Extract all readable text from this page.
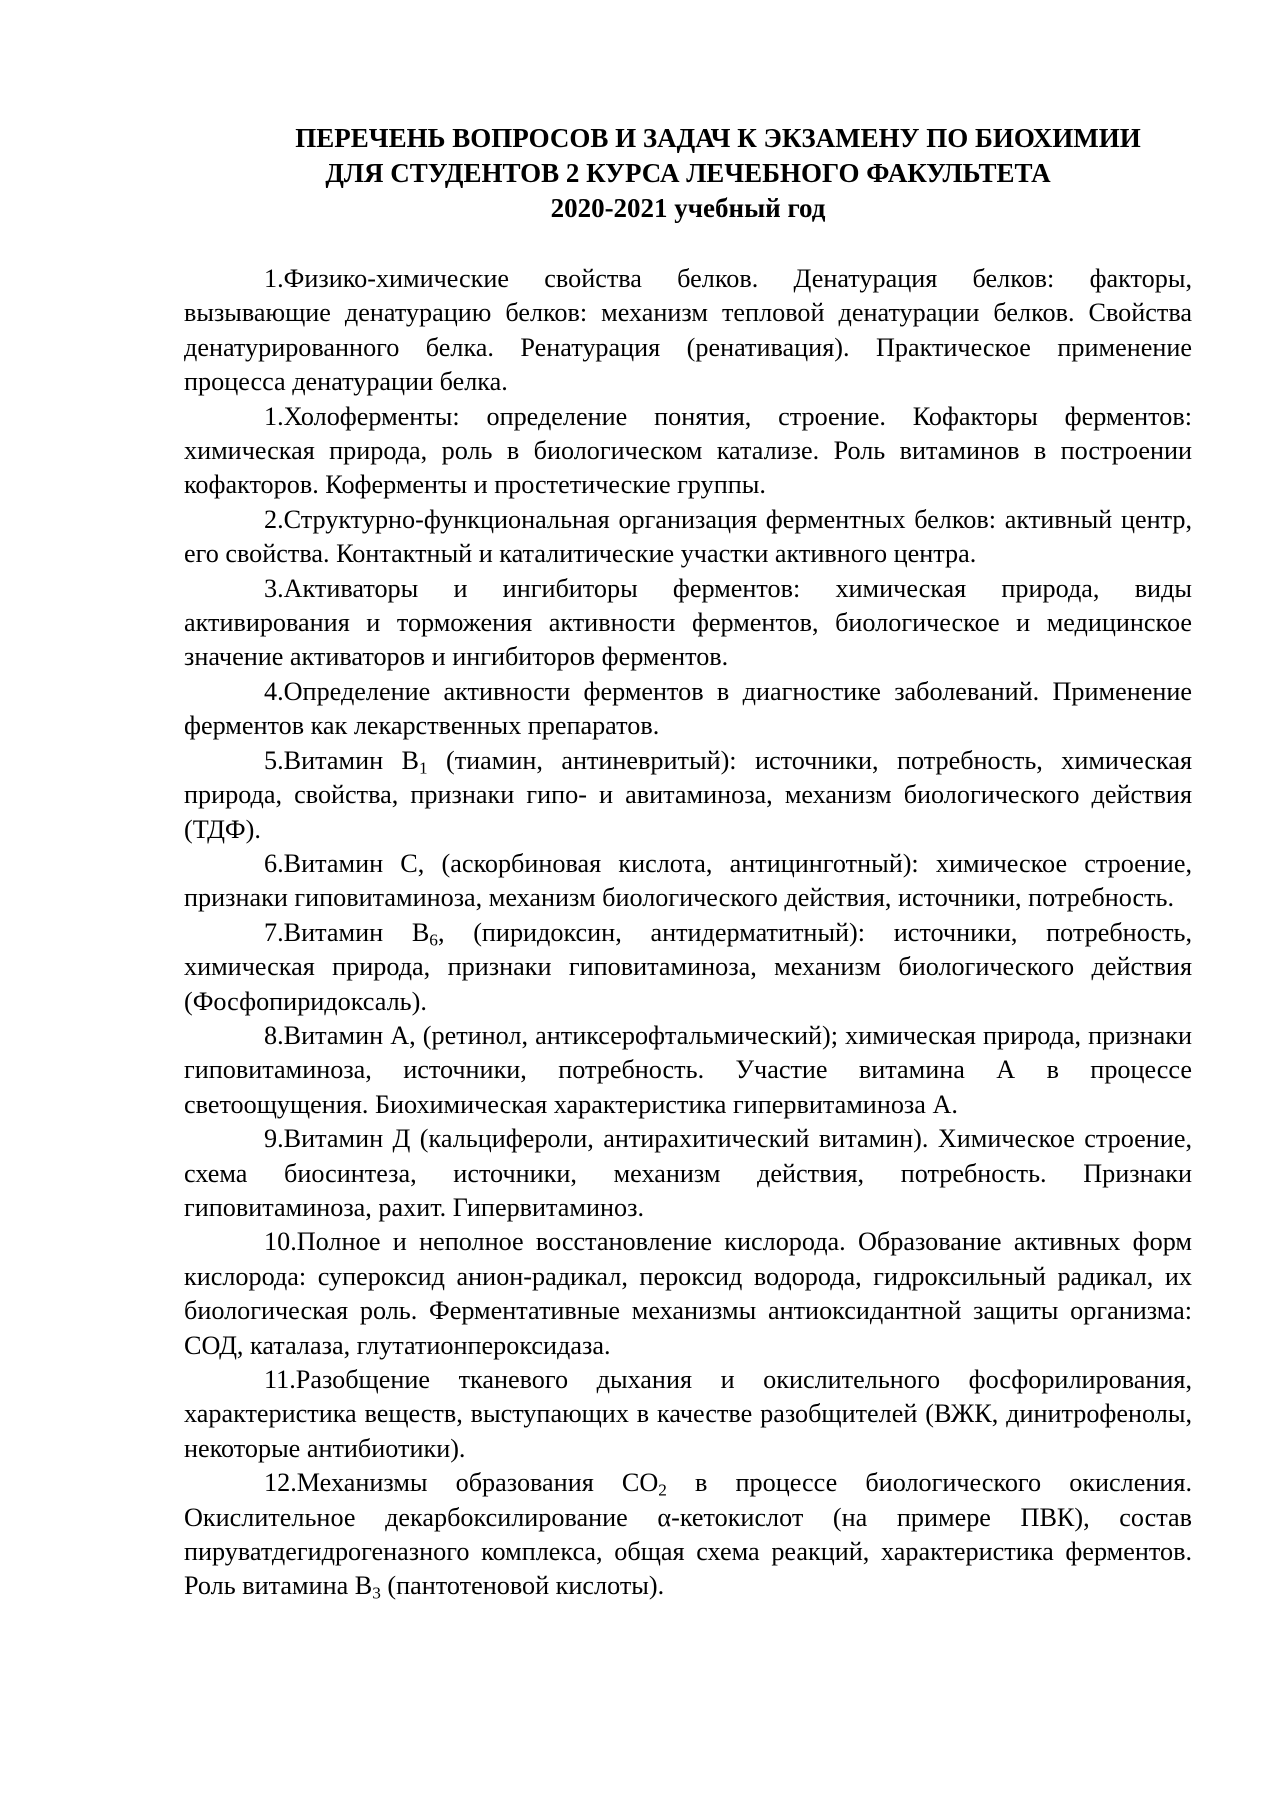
ПЕРЕЧЕНЬ ВОПРОСОВ И ЗАДАЧ К ЭКЗАМЕНУ ПО БИОХИМИИ
ДЛЯ СТУДЕНТОВ 2 КУРСА ЛЕЧЕБНОГО ФАКУЛЬТЕТА
2020-2021 учебный год

1.Физико-химические свойства белков. Денатурация белков: факторы, вызывающие денатурацию белков: механизм тепловой денатурации белков. Свойства денатурированного белка. Ренатурация (ренативация). Практическое применение процесса денатурации белка.

1.Холоферменты: определение понятия, строение. Кофакторы ферментов: химическая природа, роль в биологическом катализе. Роль витаминов в построении кофакторов. Коферменты и простетические группы.

2.Структурно-функциональная организация ферментных белков: активный центр, его свойства. Контактный и каталитические участки активного центра.

3.Активаторы и ингибиторы ферментов: химическая природа, виды активирования и торможения активности ферментов, биологическое и медицинское значение активаторов и ингибиторов ферментов.

4.Определение активности ферментов в диагностике заболеваний. Применение ферментов как лекарственных препаратов.

5.Витамин $В_1$ (тиамин, антиневритый): источники, потребность, химическая природа, свойства, признаки гипо- и авитаминоза, механизм биологического действия (ТДФ).

6.Витамин С, (аскорбиновая кислота, антицинготный): химическое строение, признаки гиповитаминоза, механизм биологического действия, источники, потребность.

7.Витамин $В_6$, (пиридоксин, антидерматитный): источники, потребность, химическая природа, признаки гиповитаминоза, механизм биологического действия (Фосфопиридоксаль).

8.Витамин А, (ретинол, антиксерофтальмический); химическая природа, признаки гиповитаминоза, источники, потребность. Участие витамина А в процессе светоощущения. Биохимическая характеристика гипервитаминоза А.

9.Витамин Д (кальцифероли, антирахитический витамин). Химическое строение, схема биосинтеза, источники, механизм действия, потребность. Признаки гиповитаминоза, рахит. Гипервитаминоз.

10.Полное и неполное восстановление кислорода. Образование активных форм кислорода: супероксид анион-радикал, пероксид водорода, гидроксильный радикал, их биологическая роль. Ферментативные механизмы антиоксидантной защиты организма: СОД, каталаза, глутатионпероксидаза.

11.Разобщение тканевого дыхания и окислительного фосфорилирования, характеристика веществ, выступающих в качестве разобщителей (ВЖК, динитрофенолы, некоторые антибиотики).

12.Механизмы образования $СО_2$ в процессе биологического окисления. Окислительное декарбоксилирование α-кетокислот (на примере ПВК), состав пируватдегидрогеназного комплекса, общая схема реакций, характеристика ферментов. Роль витамина $В_3$ (пантотеновой кислоты).
